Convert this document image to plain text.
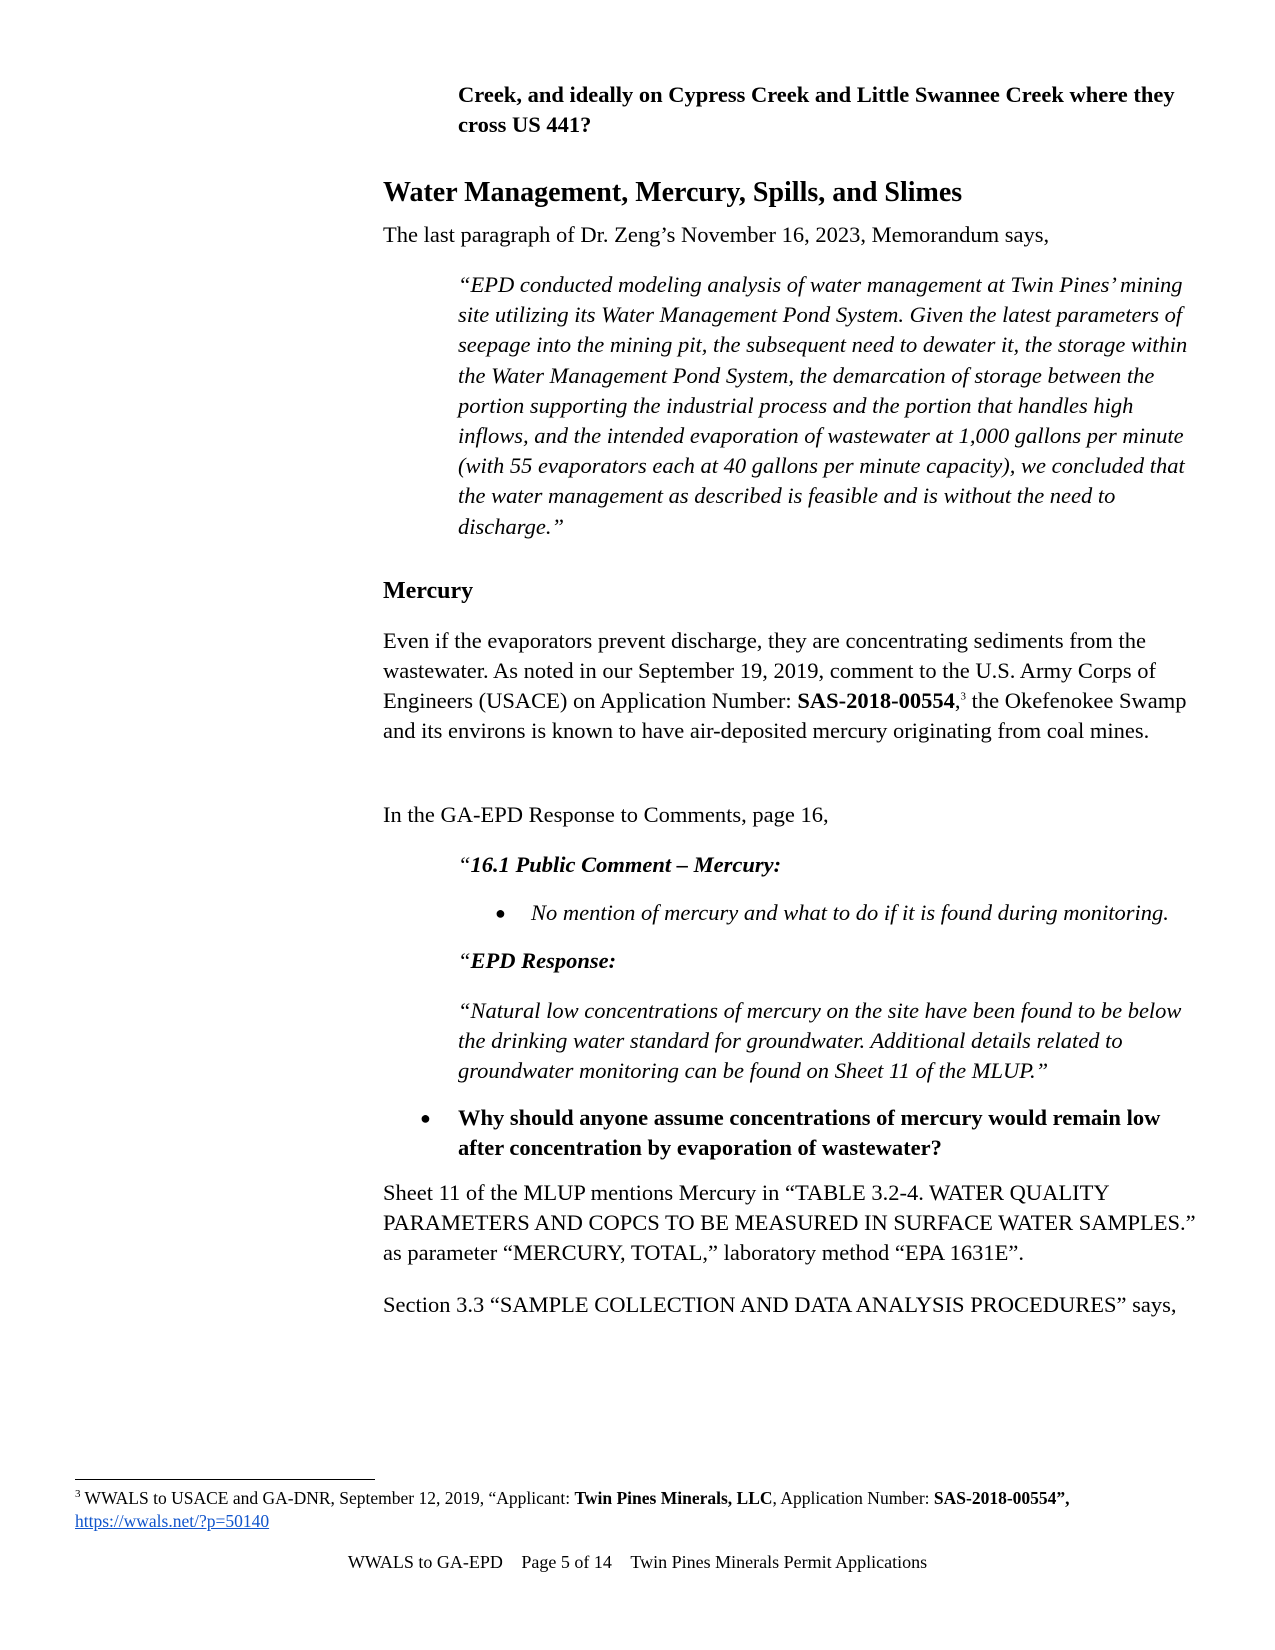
Creek, and ideally on Cypress Creek and Little Swannee Creek where they cross US 441?
Water Management, Mercury, Spills, and Slimes

The last paragraph of Dr. Zeng’s November 16, 2023, Memorandum says,

“EPD conducted modeling analysis of water management at Twin Pines’ mining site utilizing its Water Management Pond System. Given the latest parameters of seepage into the mining pit, the subsequent need to dewater it, the storage within the Water Management Pond System, the demarcation of storage between the portion supporting the industrial process and the portion that handles high inflows, and the intended evaporation of wastewater at 1,000 gallons per minute (with 55 evaporators each at 40 gallons per minute capacity), we concluded that the water management as described is feasible and is without the need to discharge.”

Mercury

Even if the evaporators prevent discharge, they are concentrating sediments from the wastewater. As noted in our September 19, 2019, comment to the U.S. Army Corps of Engineers (USACE) on Application Number: SAS-2018-00554,$^3$ the Okefenokee Swamp and its environs is known to have air-deposited mercury originating from coal mines.

In the GA-EPD Response to Comments, page 16,

“16.1 Public Comment – Mercury:

●	No mention of mercury and what to do if it is found during monitoring.

“EPD Response:

“Natural low concentrations of mercury on the site have been found to be below the drinking water standard for groundwater. Additional details related to groundwater monitoring can be found on Sheet 11 of the MLUP.”

●	Why should anyone assume concentrations of mercury would remain low after concentration by evaporation of wastewater?

Sheet 11 of the MLUP mentions Mercury in “TABLE 3.2-4. WATER QUALITY PARAMETERS AND COPCS TO BE MEASURED IN SURFACE WATER SAMPLES.” as parameter “MERCURY, TOTAL,” laboratory method “EPA 1631E”.

Section 3.3 “SAMPLE COLLECTION AND DATA ANALYSIS PROCEDURES” says,

$^3$ WWALS to USACE and GA-DNR, September 12, 2019, “Applicant: Twin Pines Minerals, LLC, Application Number: SAS-2018-00554”,
https://wwals.net/?p=50140
WWALS to GA-EPD Page 5 of 14 Twin Pines Minerals Permit Applications
